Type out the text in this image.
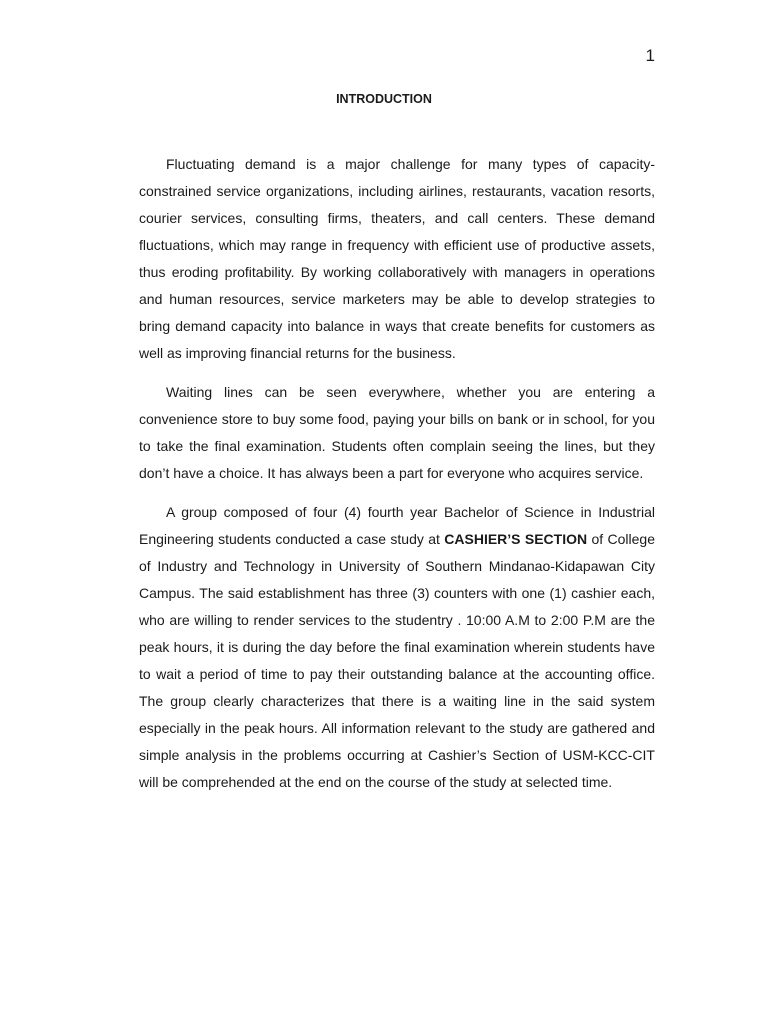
1
INTRODUCTION

Fluctuating demand is a major challenge for many types of capacity-constrained service organizations, including airlines, restaurants, vacation resorts, courier services, consulting firms, theaters, and call centers. These demand fluctuations, which may range in frequency with efficient use of productive assets, thus eroding profitability. By working collaboratively with managers in operations and human resources, service marketers may be able to develop strategies to bring demand capacity into balance in ways that create benefits for customers as well as improving financial returns for the business.

Waiting lines can be seen everywhere, whether you are entering a convenience store to buy some food, paying your bills on bank or in school, for you to take the final examination. Students often complain seeing the lines, but they don’t have a choice. It has always been a part for everyone who acquires service.

A group composed of four (4) fourth year Bachelor of Science in Industrial Engineering students conducted a case study at CASHIER’S SECTION of College of Industry and Technology in University of Southern Mindanao-Kidapawan City Campus. The said establishment has three (3) counters with one (1) cashier each, who are willing to render services to the studentry . 10:00 A.M to 2:00 P.M are the peak hours, it is during the day before the final examination wherein students have to wait a period of time to pay their outstanding balance at the accounting office. The group clearly characterizes that there is a waiting line in the said system especially in the peak hours. All information relevant to the study are gathered and simple analysis in the problems occurring at Cashier’s Section of USM-KCC-CIT will be comprehended at the end on the course of the study at selected time.
